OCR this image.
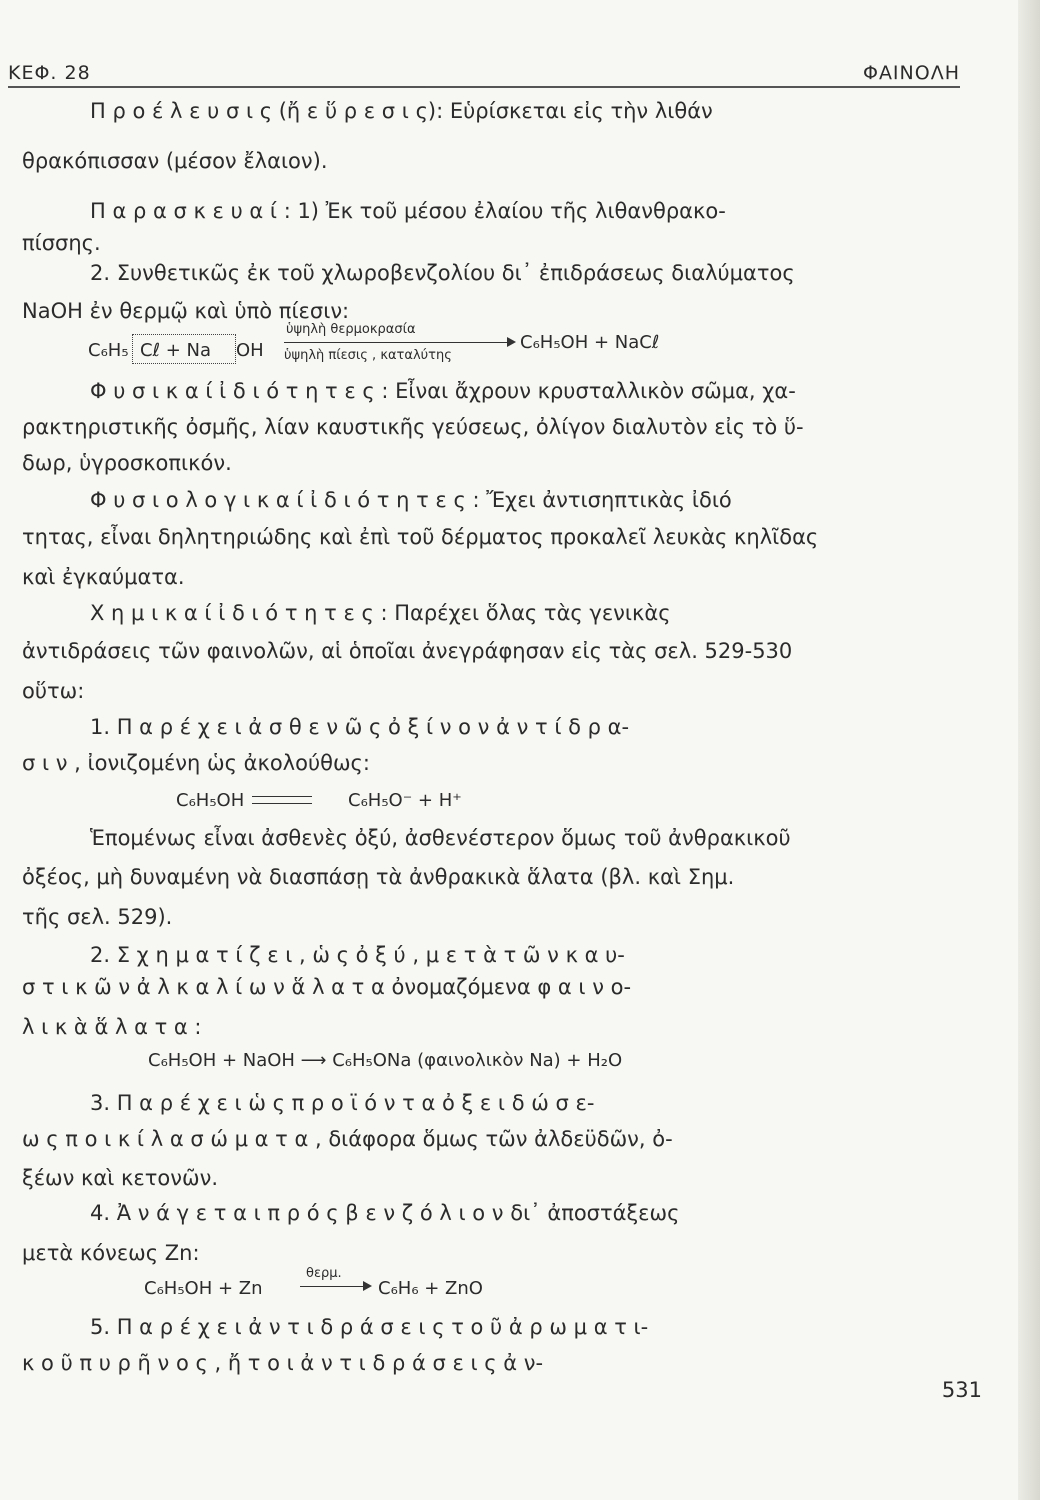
ΚΕΦ. 28	ΦΑΙΝΟΛΗ
Π ρ ο έ λ ε υ σ ι ς (ἤ ε ὕ ρ ε σ ι ς): Εὑρίσκεται εἰς τὴν λιθάν
θρακόπισσαν (μέσον ἔλαιον).
Π α ρ α σ κ ε υ α ί : 1) Ἐκ τοῦ μέσου ἐλαίου τῆς λιθανθρακο-
πίσσης.
2. Συνθετικῶς ἐκ τοῦ χλωροβενζολίου δι᾽ ἐπιδράσεως διαλύματος
NaOH ἐν θερμῷ καὶ ὑπὸ πίεσιν:
Φ υ σ ι κ α ί ἰ δ ι ό τ η τ ε ς : Εἶναι ἄχρουν κρυσταλλικὸν σῶμα, χα-
ρακτηριστικῆς ὀσμῆς, λίαν καυστικῆς γεύσεως, ὀλίγον διαλυτὸν εἰς τὸ ὕ-
δωρ, ὑγροσκοπικόν.
Φ υ σ ι ο λ ο γ ι κ α ί ἰ δ ι ό τ η τ ε ς : Ἔχει ἀντισηπτικὰς ἰδιό
τητας, εἶναι δηλητηριώδης καὶ ἐπὶ τοῦ δέρματος προκαλεῖ λευκὰς κηλῖδας
καὶ ἐγκαύματα.
Χ η μ ι κ α ί ἰ δ ι ό τ η τ ε ς : Παρέχει ὅλας τὰς γενικὰς
ἀντιδράσεις τῶν φαινολῶν, αἱ ὁποῖαι ἀνεγράφησαν εἰς τὰς σελ. 529-530
οὕτω:
1. Π α ρ έ χ ε ι ἀ σ θ ε ν ῶ ς ὀ ξ ί ν ο ν ἀ ν τ ί δ ρ α-
σ ι ν , ἰονιζομένη ὡς ἀκολούθως:
Ἑπομένως εἶναι ἀσθενὲς ὀξύ, ἀσθενέστερον ὅμως τοῦ ἀνθρακικοῦ
ὀξέος, μὴ δυναμένη νὰ διασπάσῃ τὰ ἀνθρακικὰ ἅλατα (βλ. καὶ Σημ.
τῆς σελ. 529).
2. Σ χ η μ α τ ί ζ ε ι , ὡ ς ὀ ξ ύ , μ ε τ ὰ τ ῶ ν κ α υ-
σ τ ι κ ῶ ν ἀ λ κ α λ ί ω ν ἅ λ α τ α ὀνομαζόμενα φ α ι ν ο-
λ ι κ ὰ ἅ λ α τ α :
3. Π α ρ έ χ ε ι ὡ ς π ρ ο ϊ ό ν τ α ὀ ξ ε ι δ ώ σ ε-
ω ς π ο ι κ ί λ α σ ώ μ α τ α , διάφορα ὅμως τῶν ἀλδεϋδῶν, ὀ-
ξέων καὶ κετονῶν.
4. Ἀ ν ά γ ε τ α ι π ρ ό ς β ε ν ζ ό λ ι ο ν δι᾽ ἀποστάξεως
μετὰ κόνεως Zn:
5. Π α ρ έ χ ε ι ἀ ν τ ι δ ρ ά σ ε ι ς τ ο ῦ ἀ ρ ω μ α τ ι-
κ ο ῦ π υ ρ ῆ ν ο ς , ἤ τ ο ι ἀ ν τ ι δ ρ ά σ ε ι ς ἀ ν-
C₆H₅ Cℓ + Na OH
ὑψηλὴ θερμοκρασία
ὑψηλὴ πίεσις , καταλύτης
C₆H₅OH + NaCℓ
C₆H₅OH	C₆H₅O⁻ + H⁺
C₆H₅OH + NaOH ⟶ C₆H₅ONa (φαινολικὸν Na) + H₂O
C₆H₅OH + Zn
θερμ.
C₆H₆ + ZnO
531
